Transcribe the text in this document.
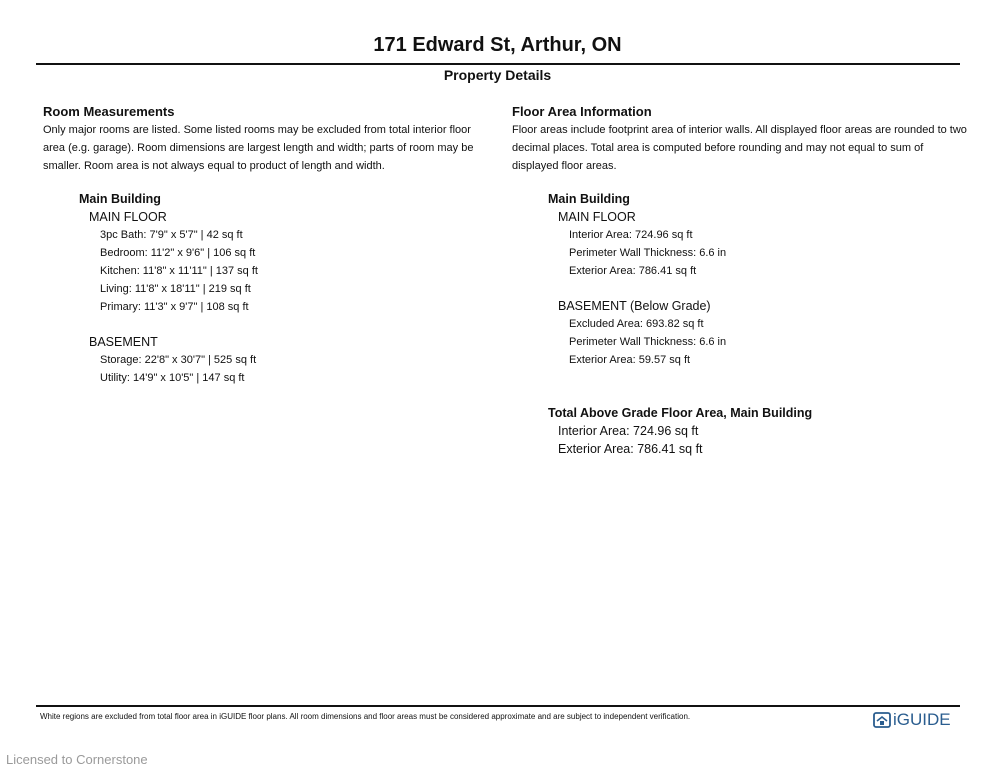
171 Edward St, Arthur, ON
Property Details
Room Measurements

Only major rooms are listed. Some listed rooms may be excluded from total interior floor area (e.g. garage). Room dimensions are largest length and width; parts of room may be smaller. Room area is not always equal to product of length and width.

Main Building
MAIN FLOOR
3pc Bath: 7'9" x 5'7" | 42 sq ft
Bedroom: 11'2" x 9'6" | 106 sq ft
Kitchen: 11'8" x 11'11" | 137 sq ft
Living: 11'8" x 18'11" | 219 sq ft
Primary: 11'3" x 9'7" | 108 sq ft
BASEMENT
Storage: 22'8" x 30'7" | 525 sq ft
Utility: 14'9" x 10'5" | 147 sq ft
Floor Area Information

Floor areas include footprint area of interior walls. All displayed floor areas are rounded to two decimal places. Total area is computed before rounding and may not equal to sum of displayed floor areas.

Main Building
MAIN FLOOR
Interior Area: 724.96 sq ft
Perimeter Wall Thickness: 6.6 in
Exterior Area: 786.41 sq ft
BASEMENT (Below Grade)
Excluded Area: 693.82 sq ft
Perimeter Wall Thickness: 6.6 in
Exterior Area: 59.57 sq ft
Total Above Grade Floor Area, Main Building
Interior Area: 724.96 sq ft
Exterior Area: 786.41 sq ft
White regions are excluded from total floor area in iGUIDE floor plans. All room dimensions and floor areas must be considered approximate and are subject to independent verification.	iGUIDE
Licensed to Cornerstone
